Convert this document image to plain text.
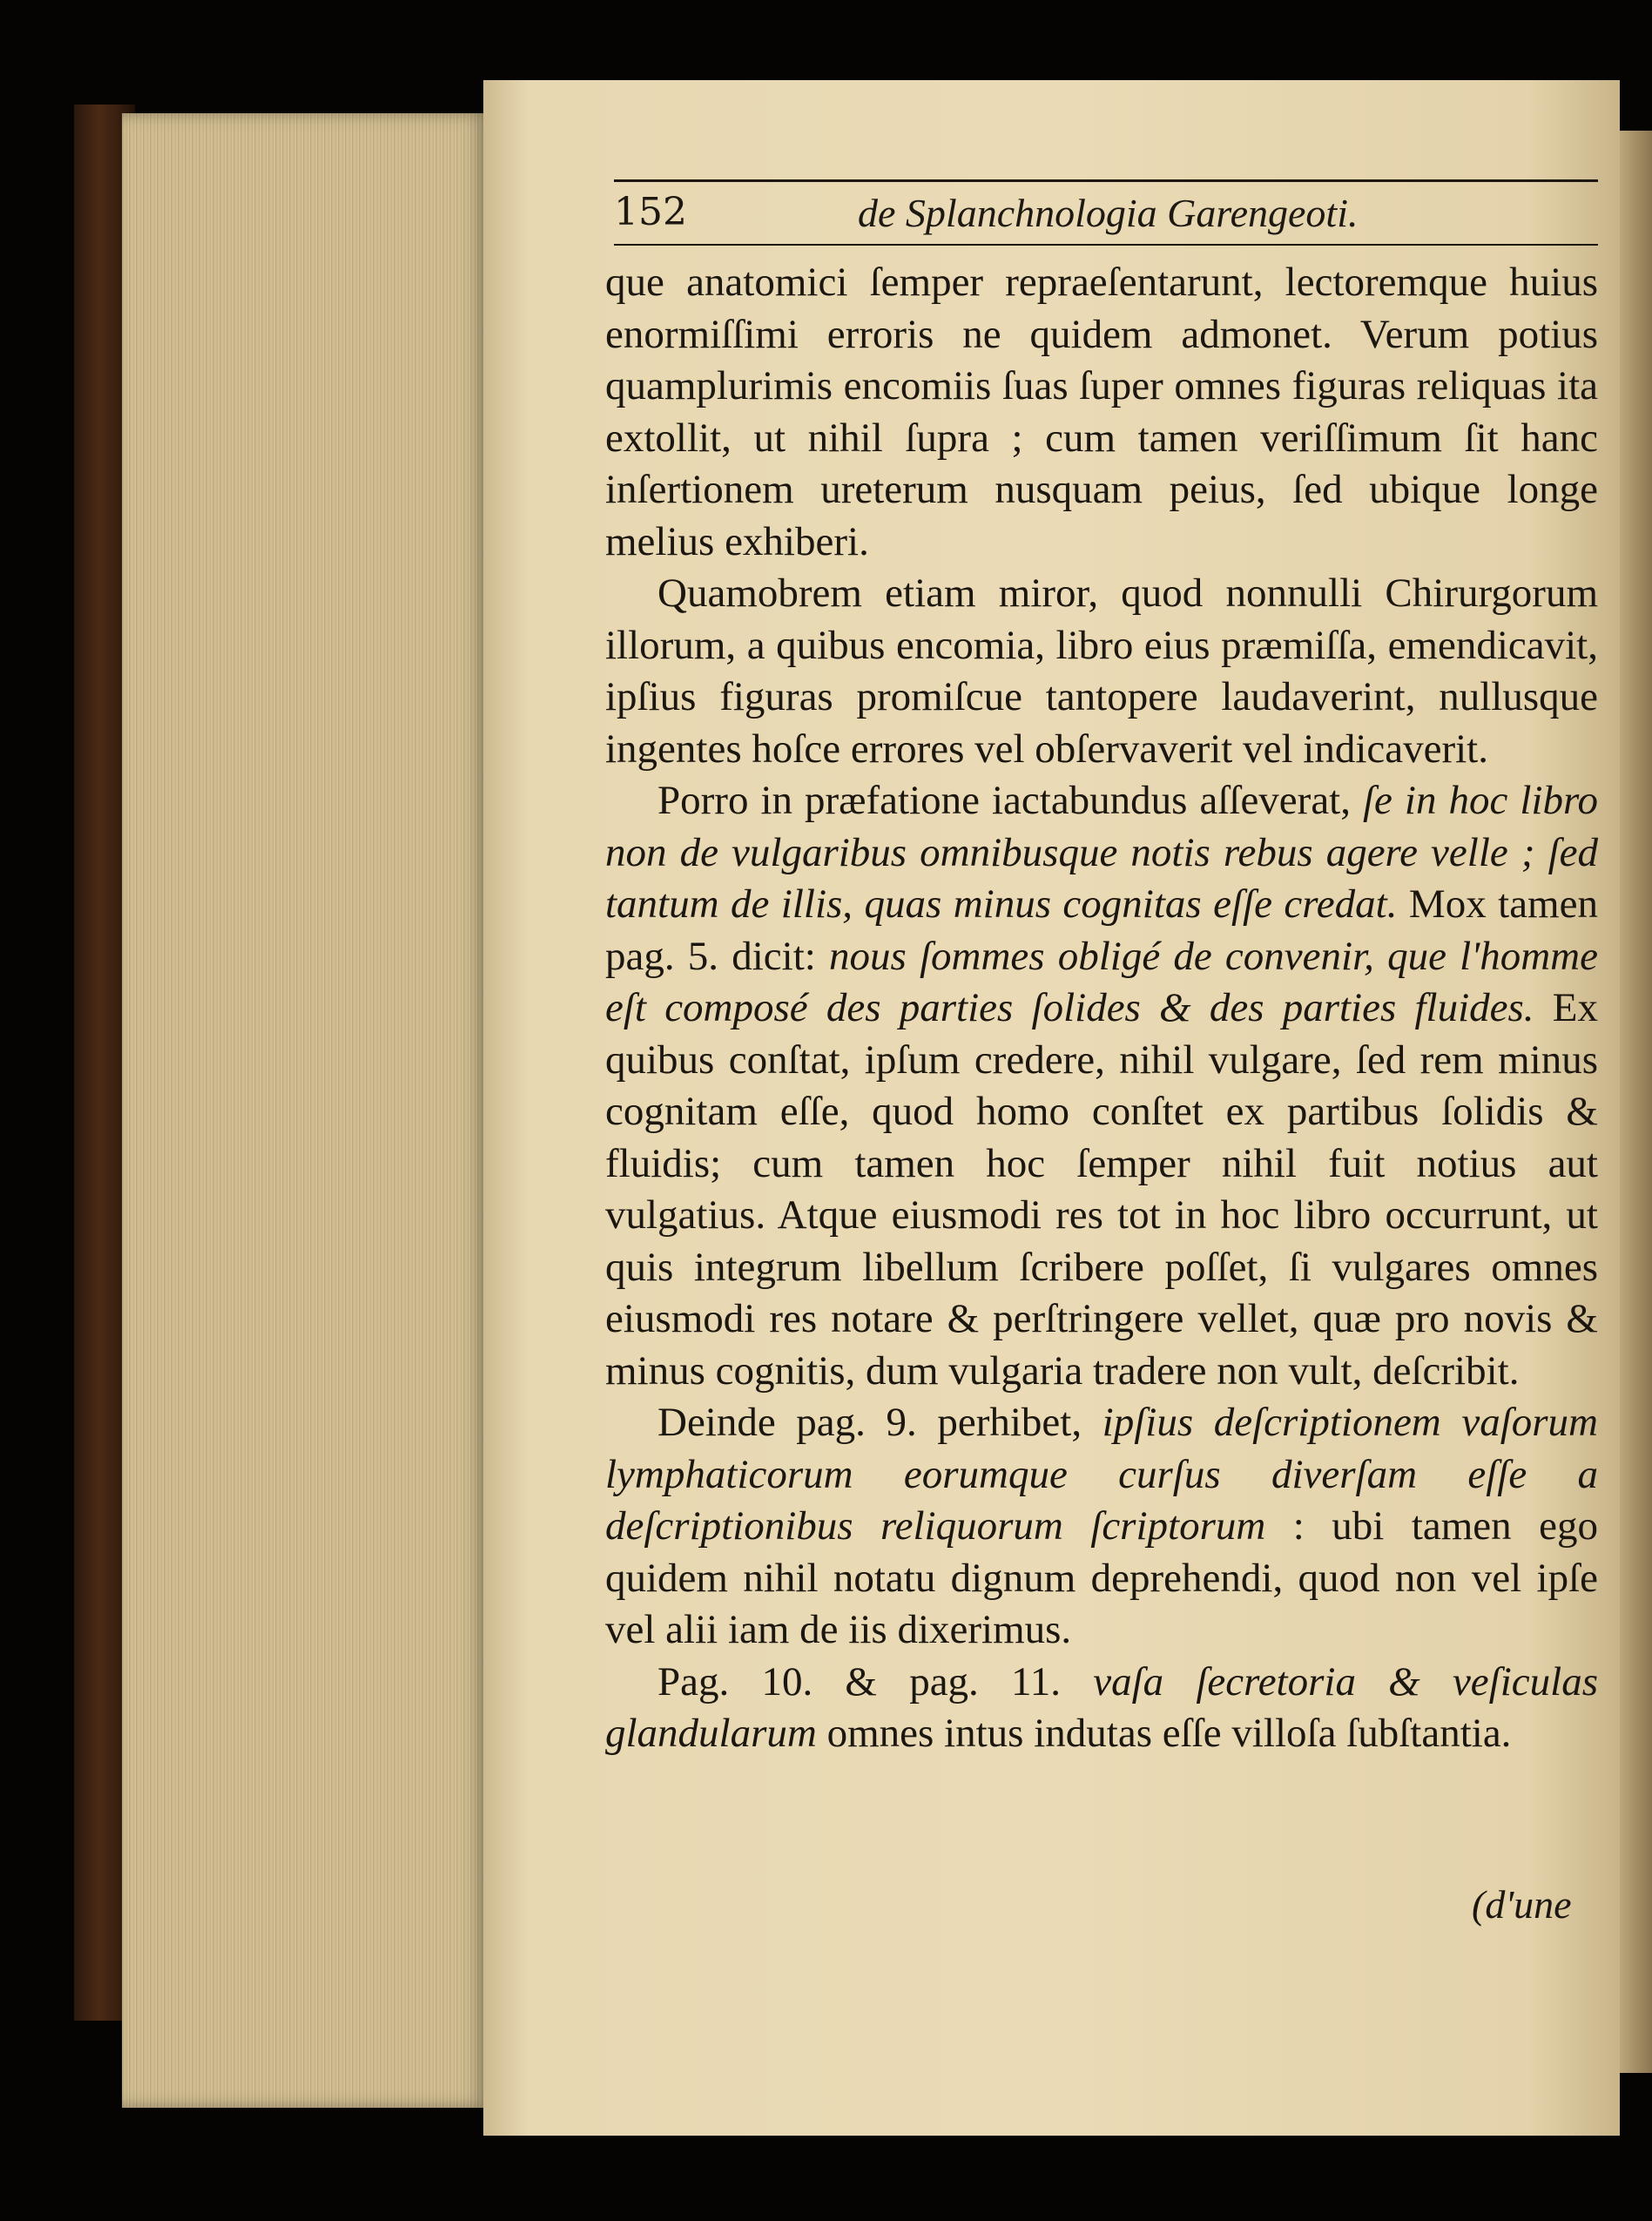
152	de Splanchnologia Garengeoti.

que anatomici ſemper repraeſentarunt, lectoremque huius enormiſſimi erroris ne quidem admonet. Verum potius quamplurimis encomiis ſuas ſuper omnes figuras reliquas ita extollit, ut nihil ſupra ; cum tamen veriſſimum ſit hanc inſertionem ureterum nusquam peius, ſed ubique longe melius exhiberi.

Quamobrem etiam miror, quod nonnulli Chirurgorum illorum, a quibus encomia, libro eius præmiſſa, emendicavit, ipſius figuras promiſcue tantopere laudaverint, nullusque ingentes hoſce errores vel obſervaverit vel indicaverit.

Porro in præfatione iactabundus aſſeverat, ſe in hoc libro non de vulgaribus omnibusque notis rebus agere velle ; ſed tantum de illis, quas minus cognitas eſſe credat. Mox tamen pag. 5. dicit: nous ſommes obligé de convenir, que l'homme eſt composé des parties ſolides & des parties fluides. Ex quibus conſtat, ipſum credere, nihil vulgare, ſed rem minus cognitam eſſe, quod homo conſtet ex partibus ſolidis & fluidis; cum tamen hoc ſemper nihil fuit notius aut vulgatius. Atque eiusmodi res tot in hoc libro occurrunt, ut quis integrum libellum ſcribere poſſet, ſi vulgares omnes eiusmodi res notare & perſtringere vellet, quæ pro novis & minus cognitis, dum vulgaria tradere non vult, deſcribit.

Deinde pag. 9. perhibet, ipſius deſcriptionem vaſorum lymphaticorum eorumque curſus diverſam eſſe a deſcriptionibus reliquorum ſcriptorum : ubi tamen ego quidem nihil notatu dignum deprehendi, quod non vel ipſe vel alii iam de iis dixerimus.

Pag. 10. & pag. 11. vaſa ſecretoria & veſiculas glandularum omnes intus indutas eſſe villoſa ſubſtantia.

(d'une
